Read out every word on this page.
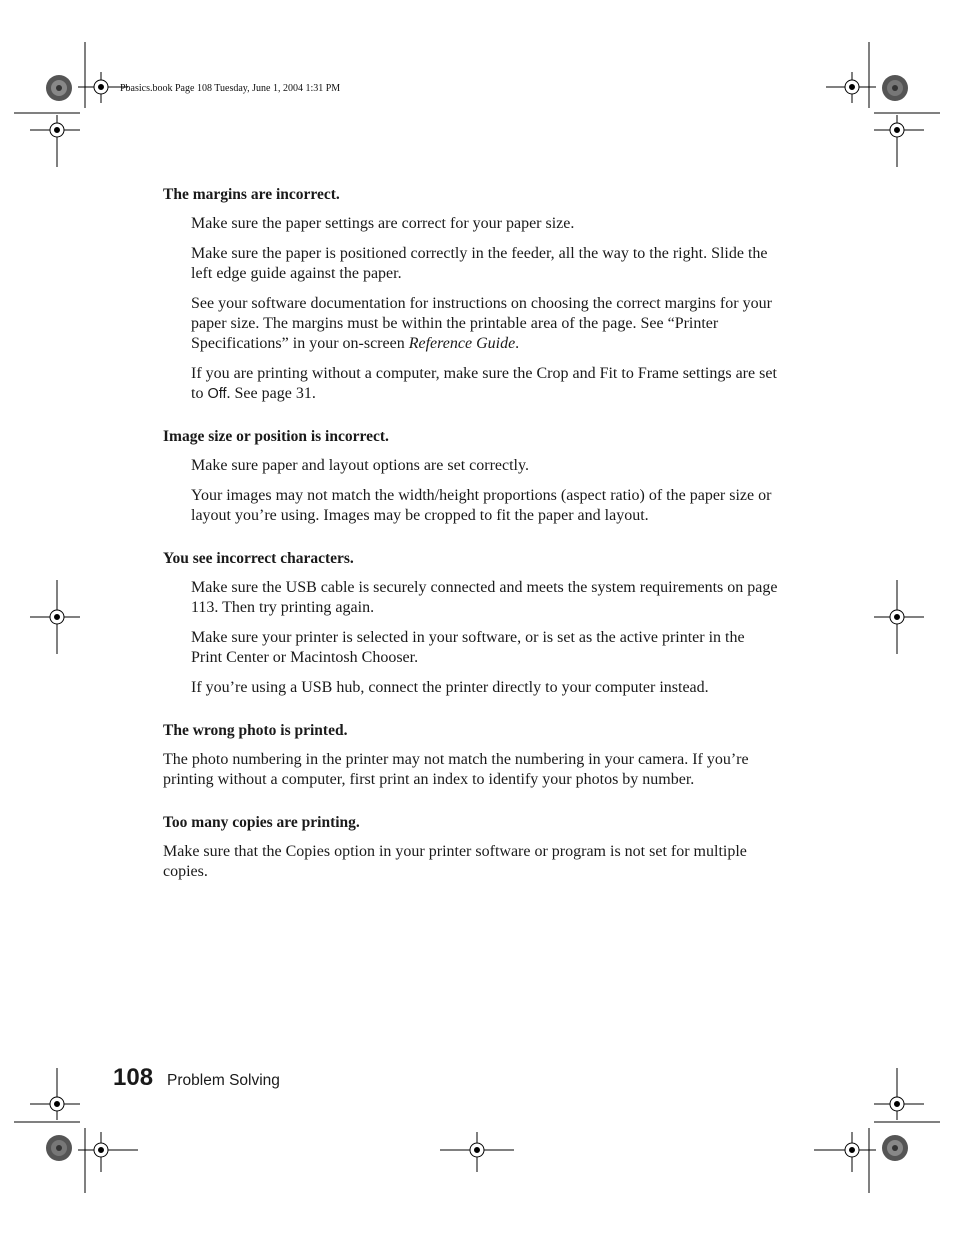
Pbasics.book Page 108 Tuesday, June 1, 2004 1:31 PM
The margins are incorrect.

Make sure the paper settings are correct for your paper size.

Make sure the paper is positioned correctly in the feeder, all the way to the right. Slide the left edge guide against the paper.

See your software documentation for instructions on choosing the correct margins for your paper size. The margins must be within the printable area of the page. See “Printer Specifications” in your on-screen Reference Guide.

If you are printing without a computer, make sure the Crop and Fit to Frame settings are set to Off. See page 31.

Image size or position is incorrect.

Make sure paper and layout options are set correctly.

Your images may not match the width/height proportions (aspect ratio) of the paper size or layout you’re using. Images may be cropped to fit the paper and layout.

You see incorrect characters.

Make sure the USB cable is securely connected and meets the system requirements on page 113. Then try printing again.

Make sure your printer is selected in your software, or is set as the active printer in the Print Center or Macintosh Chooser.

If you’re using a USB hub, connect the printer directly to your computer instead.

The wrong photo is printed.

The photo numbering in the printer may not match the numbering in your camera. If you’re printing without a computer, first print an index to identify your photos by number.

Too many copies are printing.

Make sure that the Copies option in your printer software or program is not set for multiple copies.

108 Problem Solving
